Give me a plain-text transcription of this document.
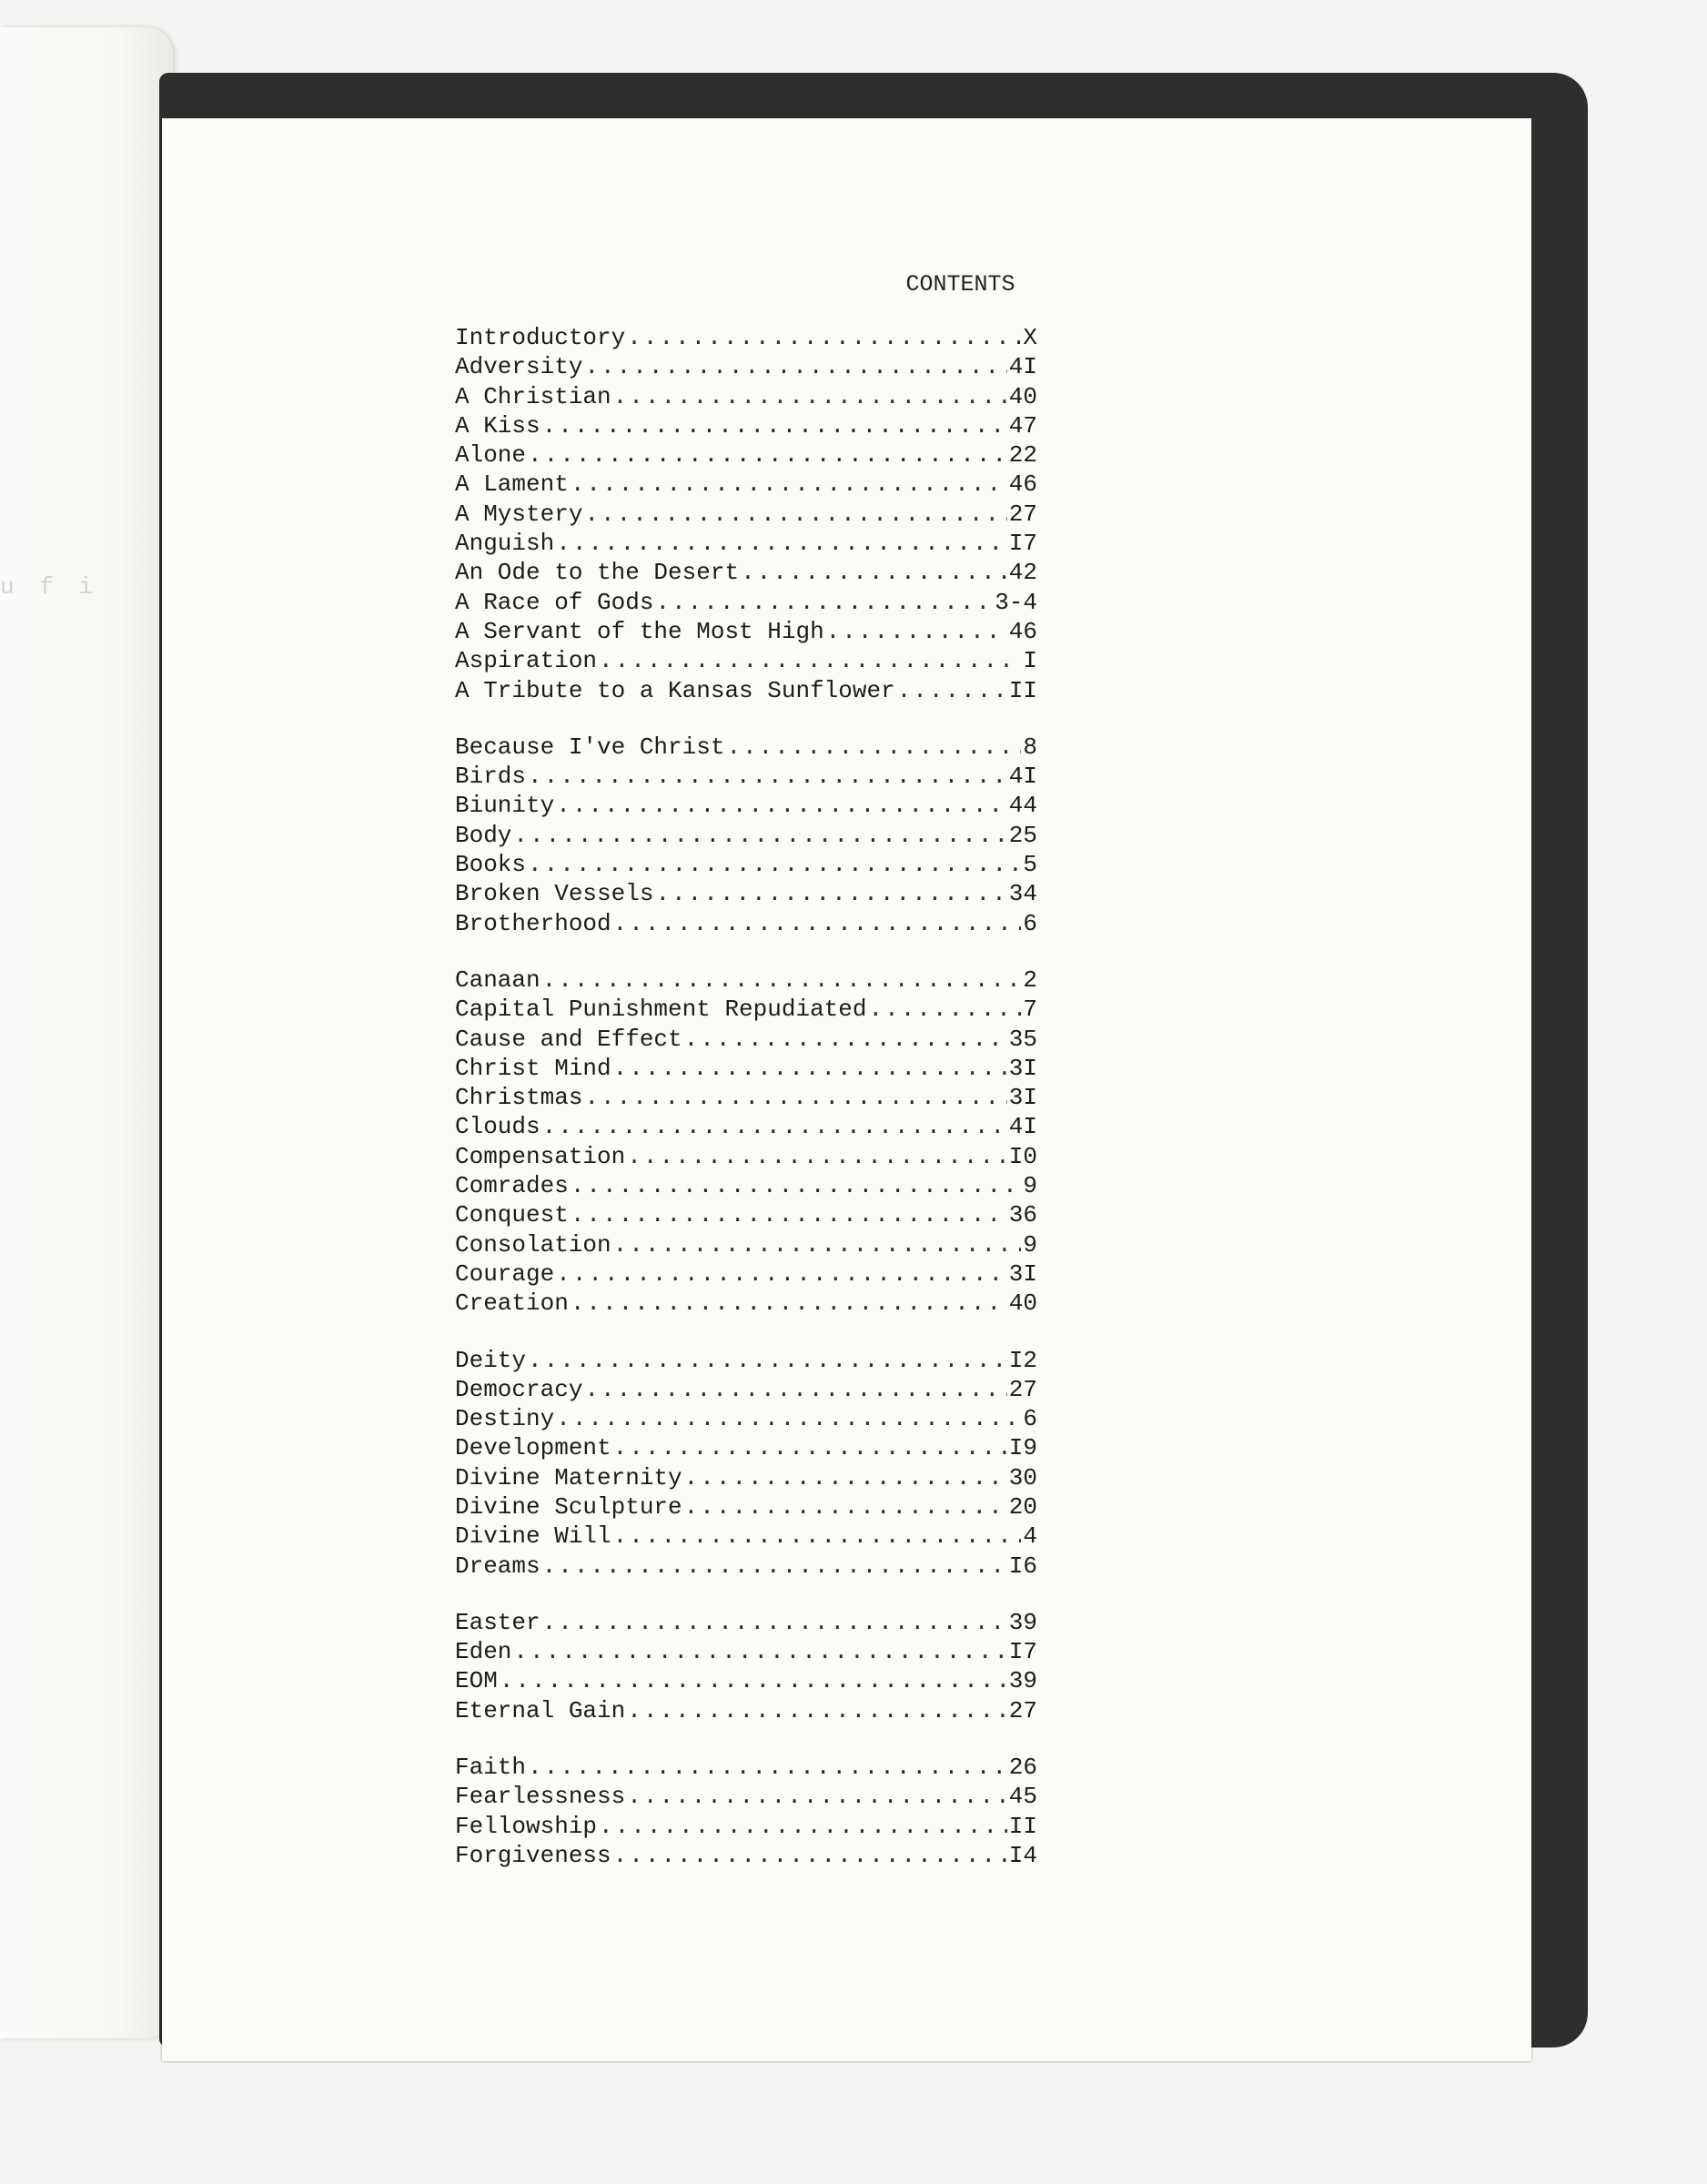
u f i
CONTENTS
Introductory .....	X
Adversity .....	4I
A Christian .....	40
A Kiss .....	47
Alone .....	22
A Lament .....	46
A Mystery .....	27
Anguish .....	I7
An Ode to the Desert .....	42
A Race of Gods .....	3-4
A Servant of the Most High .....	46
Aspiration .....	I
A Tribute to a Kansas Sunflower .....	II
Because I've Christ .....	8
Birds .....	4I
Biunity .....	44
Body .....	25
Books .....	5
Broken Vessels .....	34
Brotherhood .....	6
Canaan .....	2
Capital Punishment Repudiated .....	7
Cause and Effect .....	35
Christ Mind .....	3I
Christmas .....	3I
Clouds .....	4I
Compensation .....	I0
Comrades .....	9
Conquest .....	36
Consolation .....	9
Courage .....	3I
Creation .....	40
Deity .....	I2
Democracy .....	27
Destiny .....	6
Development .....	I9
Divine Maternity .....	30
Divine Sculpture .....	20
Divine Will .....	4
Dreams .....	I6
Easter .....	39
Eden .....	I7
EOM .....	39
Eternal Gain .....	27
Faith .....	26
Fearlessness .....	45
Fellowship .....	II
Forgiveness .....	I4
